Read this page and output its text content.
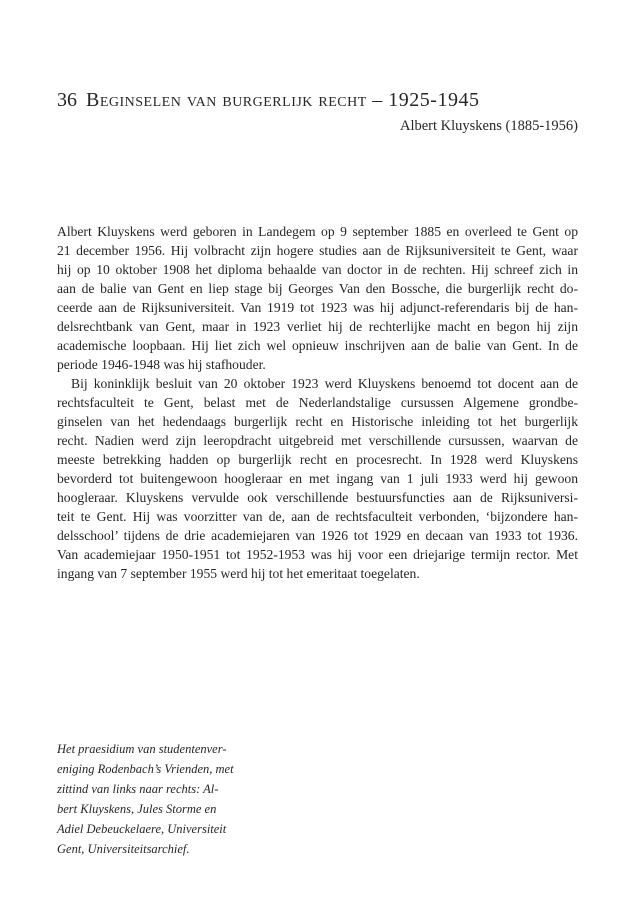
36 Beginselen van burgerlijk recht – 1925-1945
Albert Kluyskens (1885-1956)

Albert Kluyskens werd geboren in Landegem op 9 september 1885 en overleed te Gent op
21 december 1956. Hij volbracht zijn hogere studies aan de Rijksuniversiteit te Gent, waar
hij op 10 oktober 1908 het diploma behaalde van doctor in de rechten. Hij schreef zich in
aan de balie van Gent en liep stage bij Georges Van den Bossche, die burgerlijk recht do-
ceerde aan de Rijksuniversiteit. Van 1919 tot 1923 was hij adjunct-referendaris bij de han-
delsrechtbank van Gent, maar in 1923 verliet hij de rechterlijke macht en begon hij zijn
academische loopbaan. Hij liet zich wel opnieuw inschrijven aan de balie van Gent. In de
periode 1946-1948 was hij stafhouder.

Bij koninklijk besluit van 20 oktober 1923 werd Kluyskens benoemd tot docent aan de
rechtsfaculteit te Gent, belast met de Nederlandstalige cursussen Algemene grondbe-
ginselen van het hedendaags burgerlijk recht en Historische inleiding tot het burgerlijk
recht. Nadien werd zijn leeropdracht uitgebreid met verschillende cursussen, waarvan de
meeste betrekking hadden op burgerlijk recht en procesrecht. In 1928 werd Kluyskens
bevorderd tot buitengewoon hoogleraar en met ingang van 1 juli 1933 werd hij gewoon
hoogleraar. Kluyskens vervulde ook verschillende bestuursfuncties aan de Rijksuniversi-
teit te Gent. Hij was voorzitter van de, aan de rechtsfaculteit verbonden, ‘bijzondere han-
delsschool’ tijdens de drie academiejaren van 1926 tot 1929 en decaan van 1933 tot 1936.
Van academiejaar 1950-1951 tot 1952-1953 was hij voor een driejarige termijn rector. Met
ingang van 7 september 1955 werd hij tot het emeritaat toegelaten.

Het praesidium van studentenver-
eniging Rodenbach’s Vrienden, met
zittind van links naar rechts: Al-
bert Kluyskens, Jules Storme en
Adiel Debeuckelaere, Universiteit
Gent, Universiteitsarchief.
